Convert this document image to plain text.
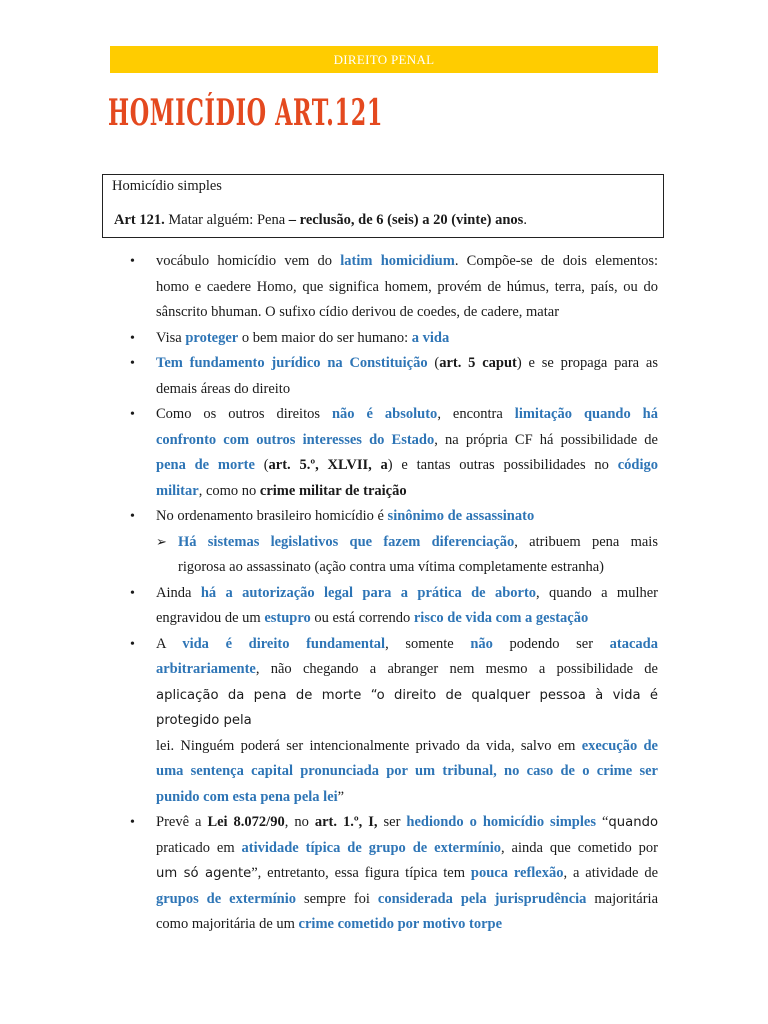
DIREITO PENAL
HOMICÍDIO ART.121
Homicídio simples
Art 121. Matar alguém: Pena – reclusão, de 6 (seis) a 20 (vinte) anos.
• vocábulo homicídio vem do latim homicidium. Compõe-se de dois elementos:
homo e caedere Homo, que significa homem, provém de húmus, terra, país, ou do
sânscrito bhuman. O sufixo cídio derivou de coedes, de cadere, matar
• Visa proteger o bem maior do ser humano: a vida
• Tem fundamento jurídico na Constituição (art. 5 caput) e se propaga para as
demais áreas do direito
• Como os outros direitos não é absoluto, encontra limitação quando há
confronto com outros interesses do Estado, na própria CF há possibilidade de
pena de morte (art. 5.º, XLVII, a) e tantas outras possibilidades no código
militar, como no crime militar de traição
• No ordenamento brasileiro homicídio é sinônimo de assassinato
➢ Há sistemas legislativos que fazem diferenciação, atribuem pena mais
rigorosa ao assassinato (ação contra uma vítima completamente estranha)
• Ainda há a autorização legal para a prática de aborto, quando a mulher
engravidou de um estupro ou está correndo risco de vida com a gestação
• A vida é direito fundamental, somente não podendo ser atacada
arbitrariamente, não chegando a abranger nem mesmo a possibilidade de
aplicação da pena de morte “o direito de qualquer pessoa à vida é protegido pela
lei. Ninguém poderá ser intencionalmente privado da vida, salvo em execução de
uma sentença capital pronunciada por um tribunal, no caso de o crime ser
punido com esta pena pela lei”
• Prevê a Lei 8.072/90, no art. 1.º, I, ser hediondo o homicídio simples “quando
praticado em atividade típica de grupo de extermínio, ainda que cometido por
um só agente”, entretanto, essa figura típica tem pouca reflexão, a atividade de
grupos de extermínio sempre foi considerada pela jurisprudência majoritária
como majoritária de um crime cometido por motivo torpe
